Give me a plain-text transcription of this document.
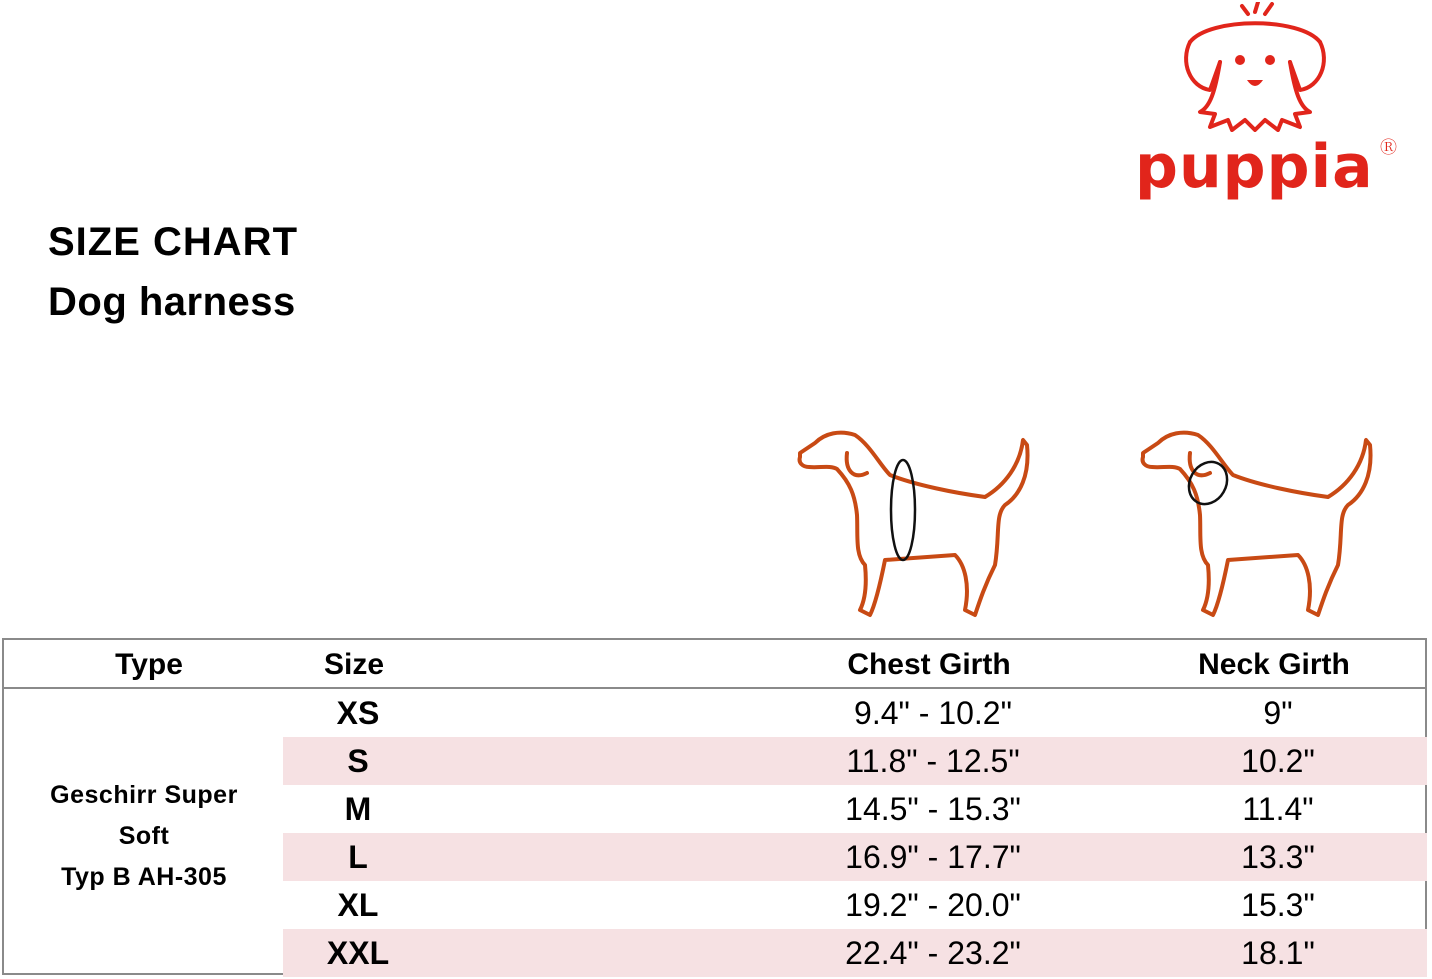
puppia Ⓡ
SIZE CHART
Dog harness
Type	Size	Chest Girth	Neck Girth
Geschirr Super
Soft
Typ B AH-305
XS	9.4" - 10.2"	9"
S	11.8" - 12.5"	10.2"
M	14.5" - 15.3"	11.4"
L	16.9" - 17.7"	13.3"
XL	19.2" - 20.0"	15.3"
XXL	22.4" - 23.2"	18.1"
